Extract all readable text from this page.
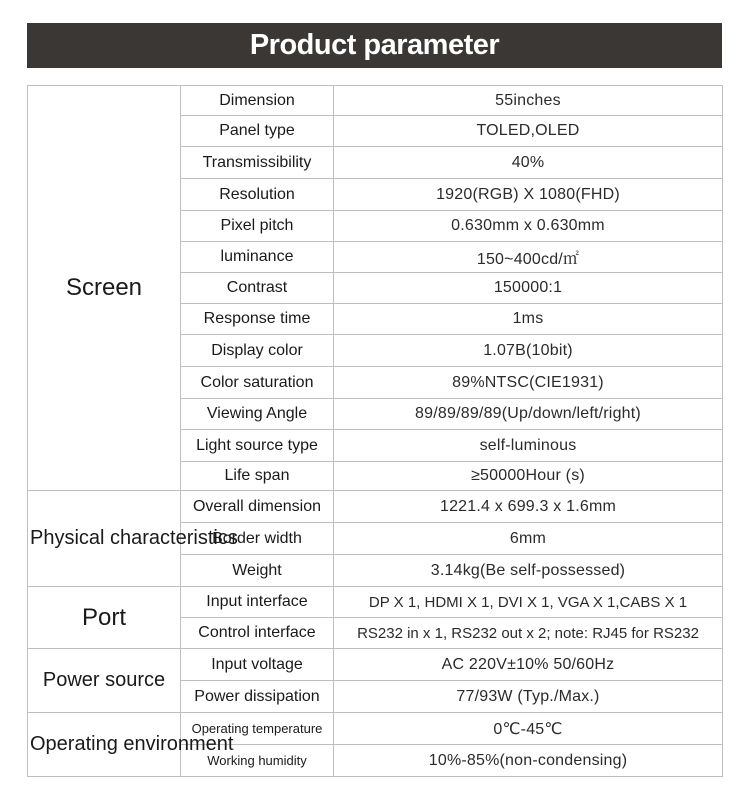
Product parameter
Screen	Dimension	55inches
	Panel type	TOLED,OLED
	Transmissibility	40%
	Resolution	1920(RGB) X 1080(FHD)
	Pixel pitch	0.630mm x 0.630mm
	luminance	150~400cd/㎡
	Contrast	150000:1
	Response time	1ms
	Display color	1.07B(10bit)
	Color saturation	89%NTSC(CIE1931)
	Viewing Angle	89/89/89/89(Up/down/left/right)
	Light source type	self-luminous
	Life span	≥50000Hour (s)
Physical characteristics	Overall dimension	1221.4 x 699.3 x 1.6mm
	Border width	6mm
	Weight	3.14kg(Be self-possessed)
Port	Input interface	DP X 1, HDMI X 1, DVI X 1, VGA X 1,CABS X 1
	Control interface	RS232 in x 1, RS232 out x 2; note: RJ45 for RS232
Power source	Input voltage	AC 220V±10% 50/60Hz
	Power dissipation	77/93W (Typ./Max.)
Operating environment	Operating temperature	0℃-45℃
	Working humidity	10%-85%(non-condensing)
